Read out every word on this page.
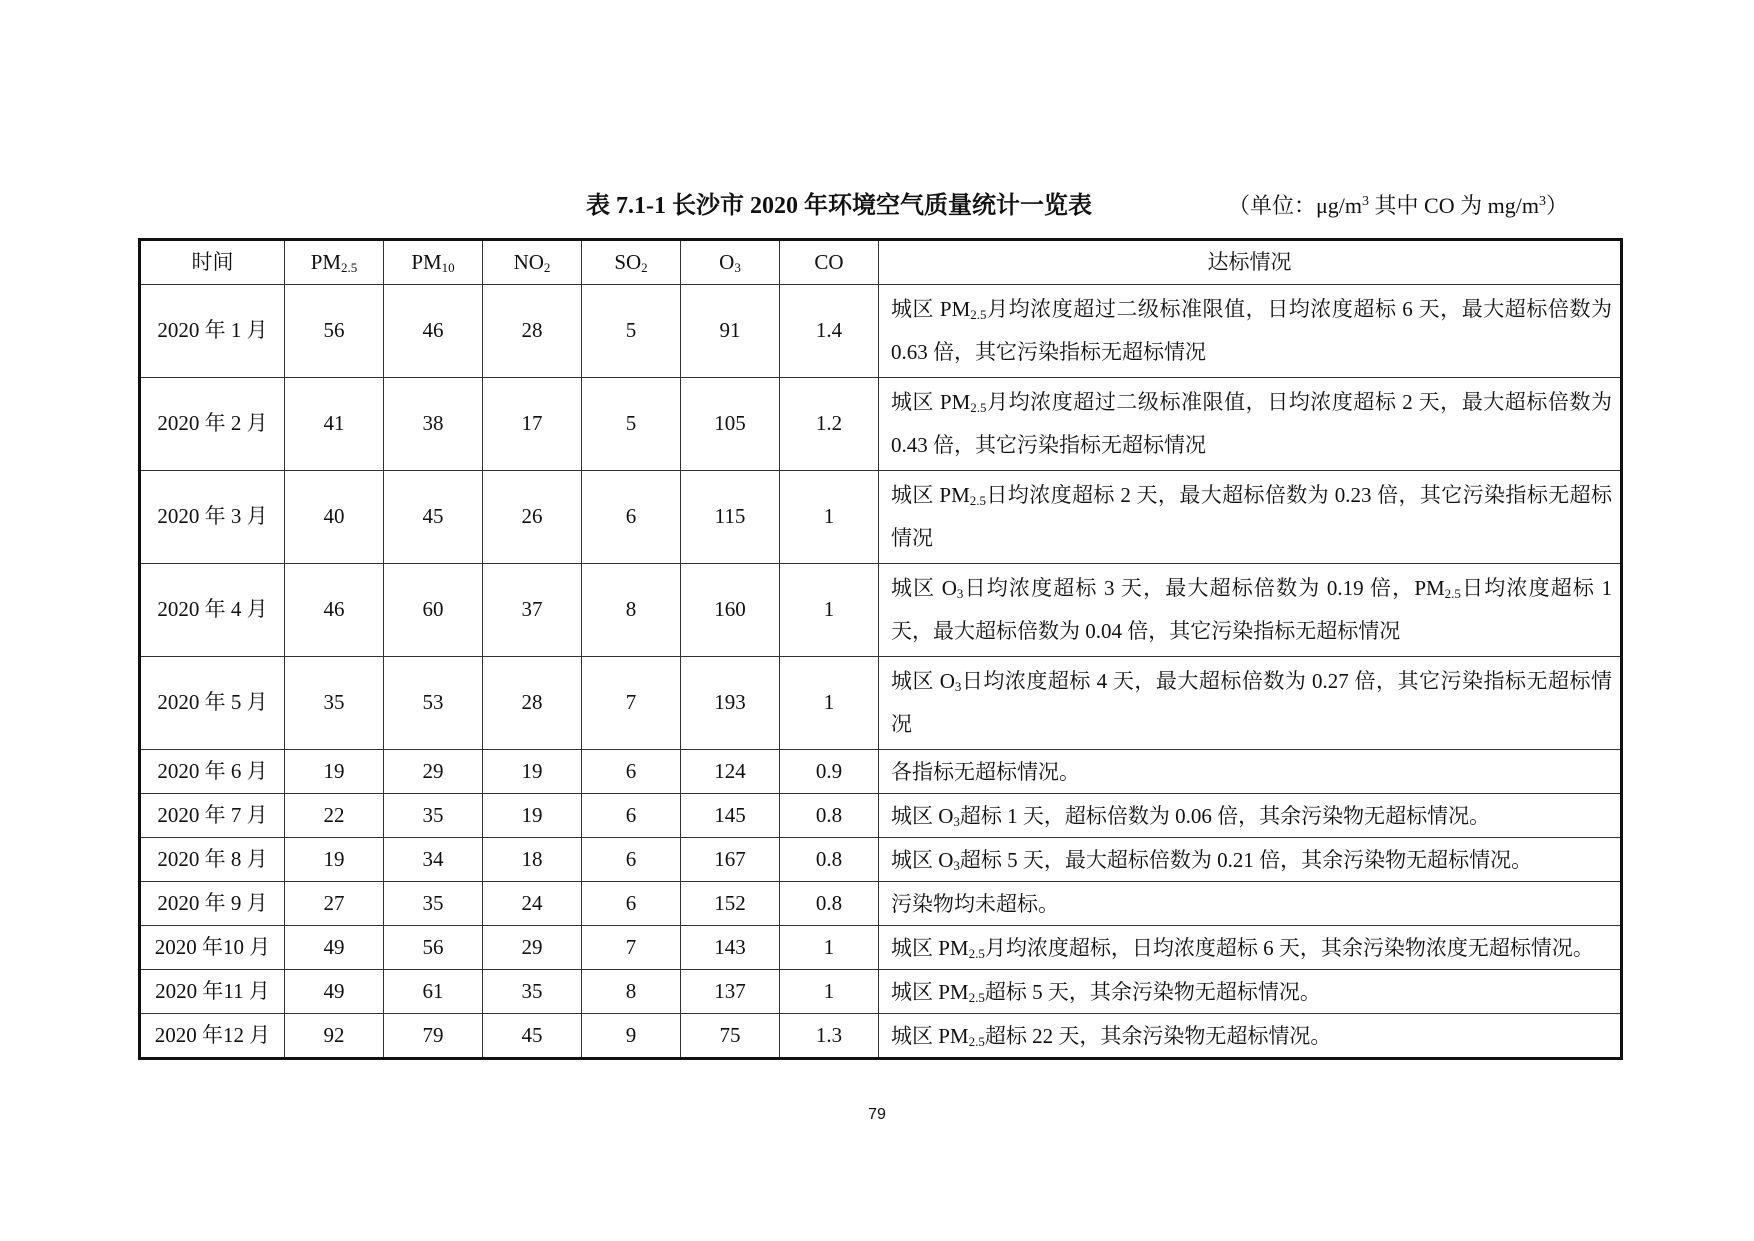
表 7.1-1 长沙市 2020 年环境空气质量统计一览表	（单位：$\mu g/m^3$ 其中 CO 为 $mg/m^3$）
时间	$PM_{2.5}$	$PM_{10}$	$NO_2$	$SO_2$	$O_3$	CO	达标情况
2020 年 1 月	56	46	28	5	91	1.4	城区 $PM_{2.5}$月均浓度超过二级标准限值，日均浓度超标 6 天，最大超标倍数为 0.63 倍，其它污染指标无超标情况
2020 年 2 月	41	38	17	5	105	1.2	城区 $PM_{2.5}$月均浓度超过二级标准限值，日均浓度超标 2 天，最大超标倍数为 0.43 倍，其它污染指标无超标情况
2020 年 3 月	40	45	26	6	115	1	城区 $PM_{2.5}$日均浓度超标 2 天，最大超标倍数为 0.23 倍，其它污染指标无超标情况
2020 年 4 月	46	60	37	8	160	1	城区 $O_3$日均浓度超标 3 天，最大超标倍数为 0.19 倍，$PM_{2.5}$日均浓度超标 1 天，最大超标倍数为 0.04 倍，其它污染指标无超标情况
2020 年 5 月	35	53	28	7	193	1	城区 $O_3$日均浓度超标 4 天，最大超标倍数为 0.27 倍，其它污染指标无超标情况
2020 年 6 月	19	29	19	6	124	0.9	各指标无超标情况。
2020 年 7 月	22	35	19	6	145	0.8	城区 $O_3$超标 1 天，超标倍数为 0.06 倍，其余污染物无超标情况。
2020 年 8 月	19	34	18	6	167	0.8	城区 $O_3$超标 5 天，最大超标倍数为 0.21 倍，其余污染物无超标情况。
2020 年 9 月	27	35	24	6	152	0.8	污染物均未超标。
2020 年10 月	49	56	29	7	143	1	城区 $PM_{2.5}$月均浓度超标，日均浓度超标 6 天，其余污染物浓度无超标情况。
2020 年11 月	49	61	35	8	137	1	城区 $PM_{2.5}$超标 5 天，其余污染物无超标情况。
2020 年12 月	92	79	45	9	75	1.3	城区 $PM_{2.5}$超标 22 天，其余污染物无超标情况。
79
